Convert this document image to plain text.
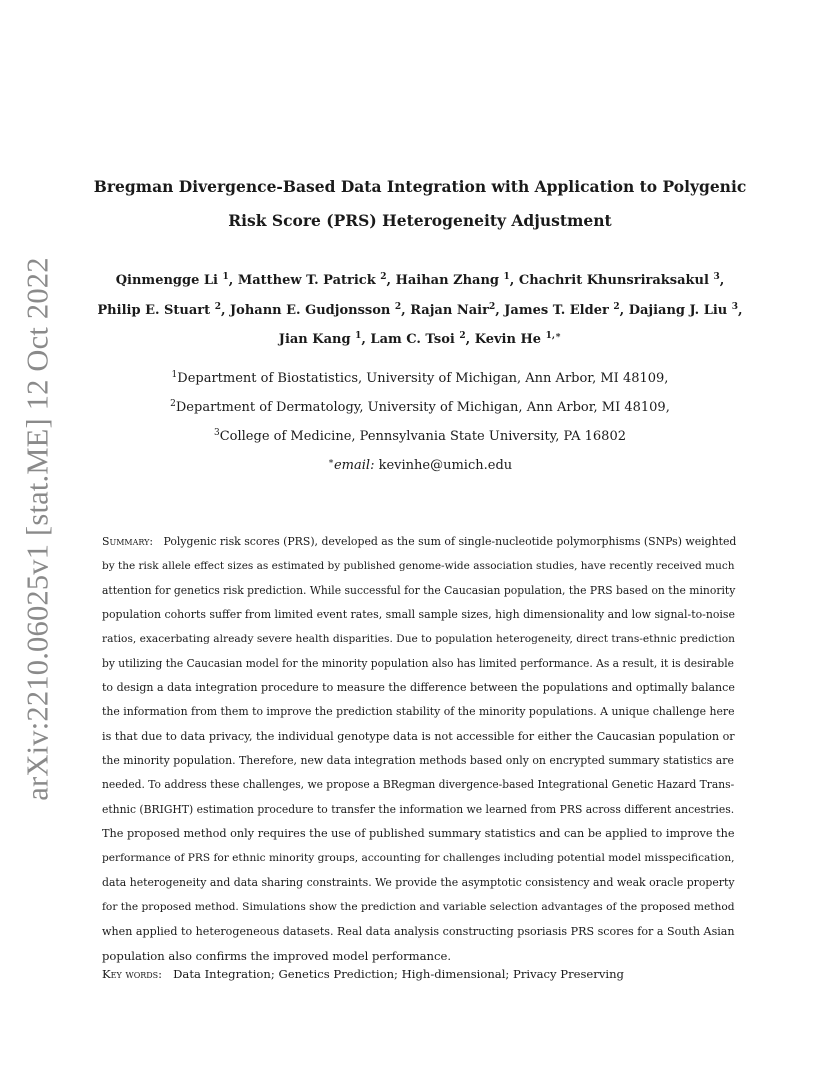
arXiv:2210.06025v1 [stat.ME] 12 Oct 2022
Bregman Divergence-Based Data Integration with Application to Polygenic
Risk Score (PRS) Heterogeneity Adjustment
Qinmengge Li $^1$, Matthew T. Patrick $^2$, Haihan Zhang $^1$, Chachrit Khunsriraksakul $^3$,
Philip E. Stuart $^2$, Johann E. Gudjonsson $^2$, Rajan Nair$^2$, James T. Elder $^2$, Dajiang J. Liu $^3$,
Jian Kang $^1$, Lam C. Tsoi $^2$, Kevin He $^{1,∗}$
$^1$Department of Biostatistics, University of Michigan, Ann Arbor, MI 48109,
$^2$Department of Dermatology, University of Michigan, Ann Arbor, MI 48109,
$^3$College of Medicine, Pennsylvania State University, PA 16802
∗email: kevinhe@umich.edu
Summary: Polygenic risk scores (PRS), developed as the sum of single-nucleotide polymorphisms (SNPs) weighted
by the risk allele effect sizes as estimated by published genome-wide association studies, have recently received much
attention for genetics risk prediction. While successful for the Caucasian population, the PRS based on the minority
population cohorts suffer from limited event rates, small sample sizes, high dimensionality and low signal-to-noise
ratios, exacerbating already severe health disparities. Due to population heterogeneity, direct trans-ethnic prediction
by utilizing the Caucasian model for the minority population also has limited performance. As a result, it is desirable
to design a data integration procedure to measure the difference between the populations and optimally balance
the information from them to improve the prediction stability of the minority populations. A unique challenge here
is that due to data privacy, the individual genotype data is not accessible for either the Caucasian population or
the minority population. Therefore, new data integration methods based only on encrypted summary statistics are
needed. To address these challenges, we propose a BRegman divergence-based Integrational Genetic Hazard Trans-
ethnic (BRIGHT) estimation procedure to transfer the information we learned from PRS across different ancestries.
The proposed method only requires the use of published summary statistics and can be applied to improve the
performance of PRS for ethnic minority groups, accounting for challenges including potential model misspecification,
data heterogeneity and data sharing constraints. We provide the asymptotic consistency and weak oracle property
for the proposed method. Simulations show the prediction and variable selection advantages of the proposed method
when applied to heterogeneous datasets. Real data analysis constructing psoriasis PRS scores for a South Asian
population also confirms the improved model performance.
Key words: Data Integration; Genetics Prediction; High-dimensional; Privacy Preserving
